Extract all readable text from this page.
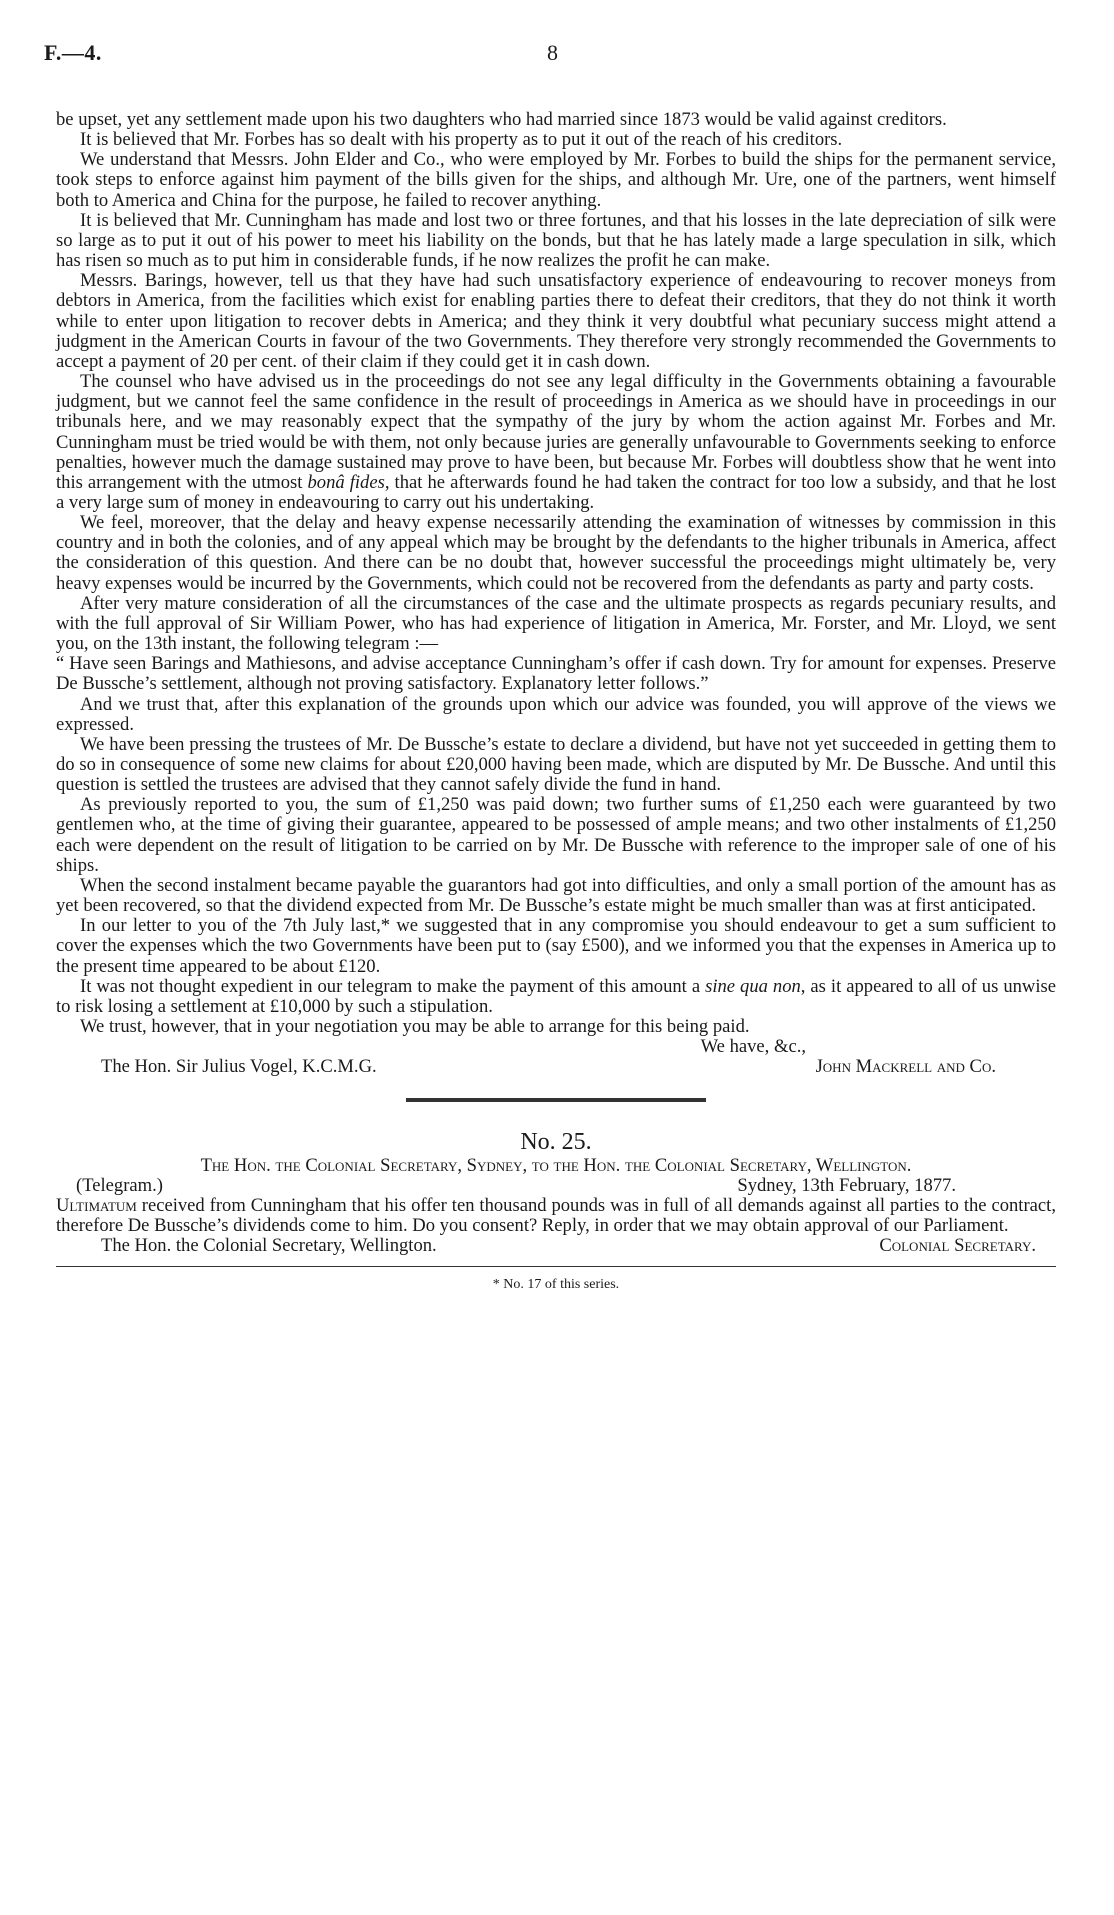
F.—4.	8

be upset, yet any settlement made upon his two daughters who had married since 1873 would be valid against creditors.

It is believed that Mr. Forbes has so dealt with his property as to put it out of the reach of his creditors.

We understand that Messrs. John Elder and Co., who were employed by Mr. Forbes to build the ships for the permanent service, took steps to enforce against him payment of the bills given for the ships, and although Mr. Ure, one of the partners, went himself both to America and China for the purpose, he failed to recover anything.

It is believed that Mr. Cunningham has made and lost two or three fortunes, and that his losses in the late depreciation of silk were so large as to put it out of his power to meet his liability on the bonds, but that he has lately made a large speculation in silk, which has risen so much as to put him in considerable funds, if he now realizes the profit he can make.

Messrs. Barings, however, tell us that they have had such unsatisfactory experience of endeavouring to recover moneys from debtors in America, from the facilities which exist for enabling parties there to defeat their creditors, that they do not think it worth while to enter upon litigation to recover debts in America; and they think it very doubtful what pecuniary success might attend a judgment in the American Courts in favour of the two Governments. They therefore very strongly recommended the Governments to accept a payment of 20 per cent. of their claim if they could get it in cash down.

The counsel who have advised us in the proceedings do not see any legal difficulty in the Governments obtaining a favourable judgment, but we cannot feel the same confidence in the result of proceedings in America as we should have in proceedings in our tribunals here, and we may reasonably expect that the sympathy of the jury by whom the action against Mr. Forbes and Mr. Cunningham must be tried would be with them, not only because juries are generally unfavourable to Governments seeking to enforce penalties, however much the damage sustained may prove to have been, but because Mr. Forbes will doubtless show that he went into this arrangement with the utmost bonâ fides, that he afterwards found he had taken the contract for too low a subsidy, and that he lost a very large sum of money in endeavouring to carry out his undertaking.

We feel, moreover, that the delay and heavy expense necessarily attending the examination of witnesses by commission in this country and in both the colonies, and of any appeal which may be brought by the defendants to the higher tribunals in America, affect the consideration of this question. And there can be no doubt that, however successful the proceedings might ultimately be, very heavy expenses would be incurred by the Governments, which could not be recovered from the defendants as party and party costs.

After very mature consideration of all the circumstances of the case and the ultimate prospects as regards pecuniary results, and with the full approval of Sir William Power, who has had experience of litigation in America, Mr. Forster, and Mr. Lloyd, we sent you, on the 13th instant, the following telegram :—

“ Have seen Barings and Mathiesons, and advise acceptance Cunningham’s offer if cash down. Try for amount for expenses. Preserve De Bussche’s settlement, although not proving satisfactory. Explanatory letter follows.”

And we trust that, after this explanation of the grounds upon which our advice was founded, you will approve of the views we expressed.

We have been pressing the trustees of Mr. De Bussche’s estate to declare a dividend, but have not yet succeeded in getting them to do so in consequence of some new claims for about £20,000 having been made, which are disputed by Mr. De Bussche. And until this question is settled the trustees are advised that they cannot safely divide the fund in hand.

As previously reported to you, the sum of £1,250 was paid down; two further sums of £1,250 each were guaranteed by two gentlemen who, at the time of giving their guarantee, appeared to be possessed of ample means; and two other instalments of £1,250 each were dependent on the result of litigation to be carried on by Mr. De Bussche with reference to the improper sale of one of his ships.

When the second instalment became payable the guarantors had got into difficulties, and only a small portion of the amount has as yet been recovered, so that the dividend expected from Mr. De Bussche’s estate might be much smaller than was at first anticipated.

In our letter to you of the 7th July last,* we suggested that in any compromise you should endeavour to get a sum sufficient to cover the expenses which the two Governments have been put to (say £500), and we informed you that the expenses in America up to the present time appeared to be about £120.

It was not thought expedient in our telegram to make the payment of this amount a sine qua non, as it appeared to all of us unwise to risk losing a settlement at £10,000 by such a stipulation.

We trust, however, that in your negotiation you may be able to arrange for this being paid.

We have, &c.,
The Hon. Sir Julius Vogel, K.C.M.G.	John Mackrell and Co.
No. 25.
The Hon. the Colonial Secretary, Sydney, to the Hon. the Colonial Secretary, Wellington.
(Telegram.)	Sydney, 13th February, 1877.

Ultimatum received from Cunningham that his offer ten thousand pounds was in full of all demands against all parties to the contract, therefore De Bussche’s dividends come to him. Do you consent? Reply, in order that we may obtain approval of our Parliament.

The Hon. the Colonial Secretary, Wellington.	Colonial Secretary.
* No. 17 of this series.
